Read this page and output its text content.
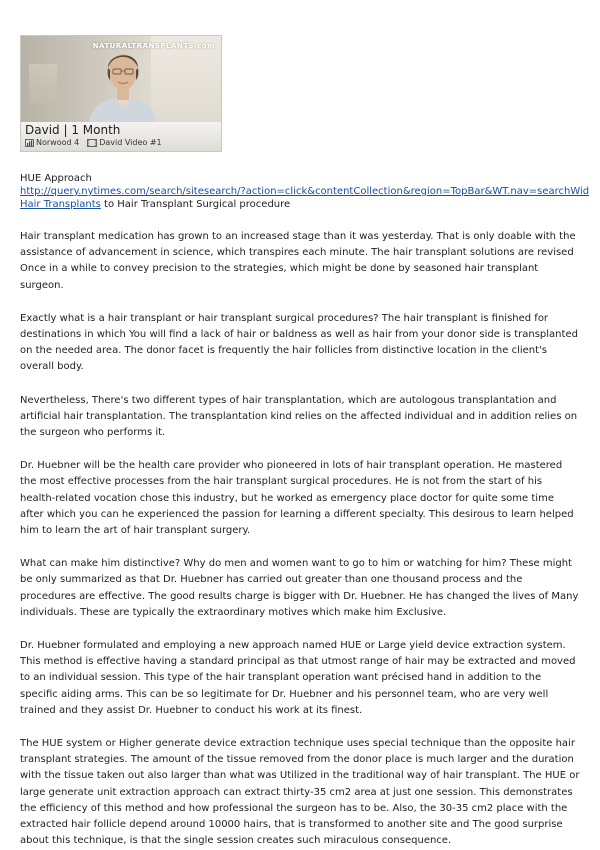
NATURALTRANSPLANTS.com
David | 1 Month
Norwood 4	David Video #1
HUE Approach
http://query.nytimes.com/search/sitesearch/?action=click&contentCollection&region=TopBar&WT.nav=searchWid
Hair Transplants to Hair Transplant Surgical procedure

Hair transplant medication has grown to an increased stage than it was yesterday. That is only doable with the assistance of advancement in science, which transpires each minute. The hair transplant solutions are revised Once in a while to convey precision to the strategies, which might be done by seasoned hair transplant surgeon.

Exactly what is a hair transplant or hair transplant surgical procedures? The hair transplant is finished for destinations in which You will find a lack of hair or baldness as well as hair from your donor side is transplanted on the needed area. The donor facet is frequently the hair follicles from distinctive location in the client's overall body.

Nevertheless, There's two different types of hair transplantation, which are autologous transplantation and artificial hair transplantation. The transplantation kind relies on the affected individual and in addition relies on the surgeon who performs it.

Dr. Huebner will be the health care provider who pioneered in lots of hair transplant operation. He mastered the most effective processes from the hair transplant surgical procedures. He is not from the start of his health-related vocation chose this industry, but he worked as emergency place doctor for quite some time after which you can he experienced the passion for learning a different specialty. This desirous to learn helped him to learn the art of hair transplant surgery.

What can make him distinctive? Why do men and women want to go to him or watching for him? These might be only summarized as that Dr. Huebner has carried out greater than one thousand process and the procedures are effective. The good results charge is bigger with Dr. Huebner. He has changed the lives of Many individuals. These are typically the extraordinary motives which make him Exclusive.

Dr. Huebner formulated and employing a new approach named HUE or Large yield device extraction system. This method is effective having a standard principal as that utmost range of hair may be extracted and moved to an individual session. This type of the hair transplant operation want précised hand in addition to the specific aiding arms. This can be so legitimate for Dr. Huebner and his personnel team, who are very well trained and they assist Dr. Huebner to conduct his work at its finest.

The HUE system or Higher generate device extraction technique uses special technique than the opposite hair transplant strategies. The amount of the tissue removed from the donor place is much larger and the duration with the tissue taken out also larger than what was Utilized in the traditional way of hair transplant. The HUE or large generate unit extraction approach can extract thirty-35 cm2 area at just one session. This demonstrates the efficiency of this method and how professional the surgeon has to be. Also, the 30-35 cm2 place with the extracted hair follicle depend around 10000 hairs, that is transformed to another site and The good surprise about this technique, is that the single session creates such miraculous consequence.
